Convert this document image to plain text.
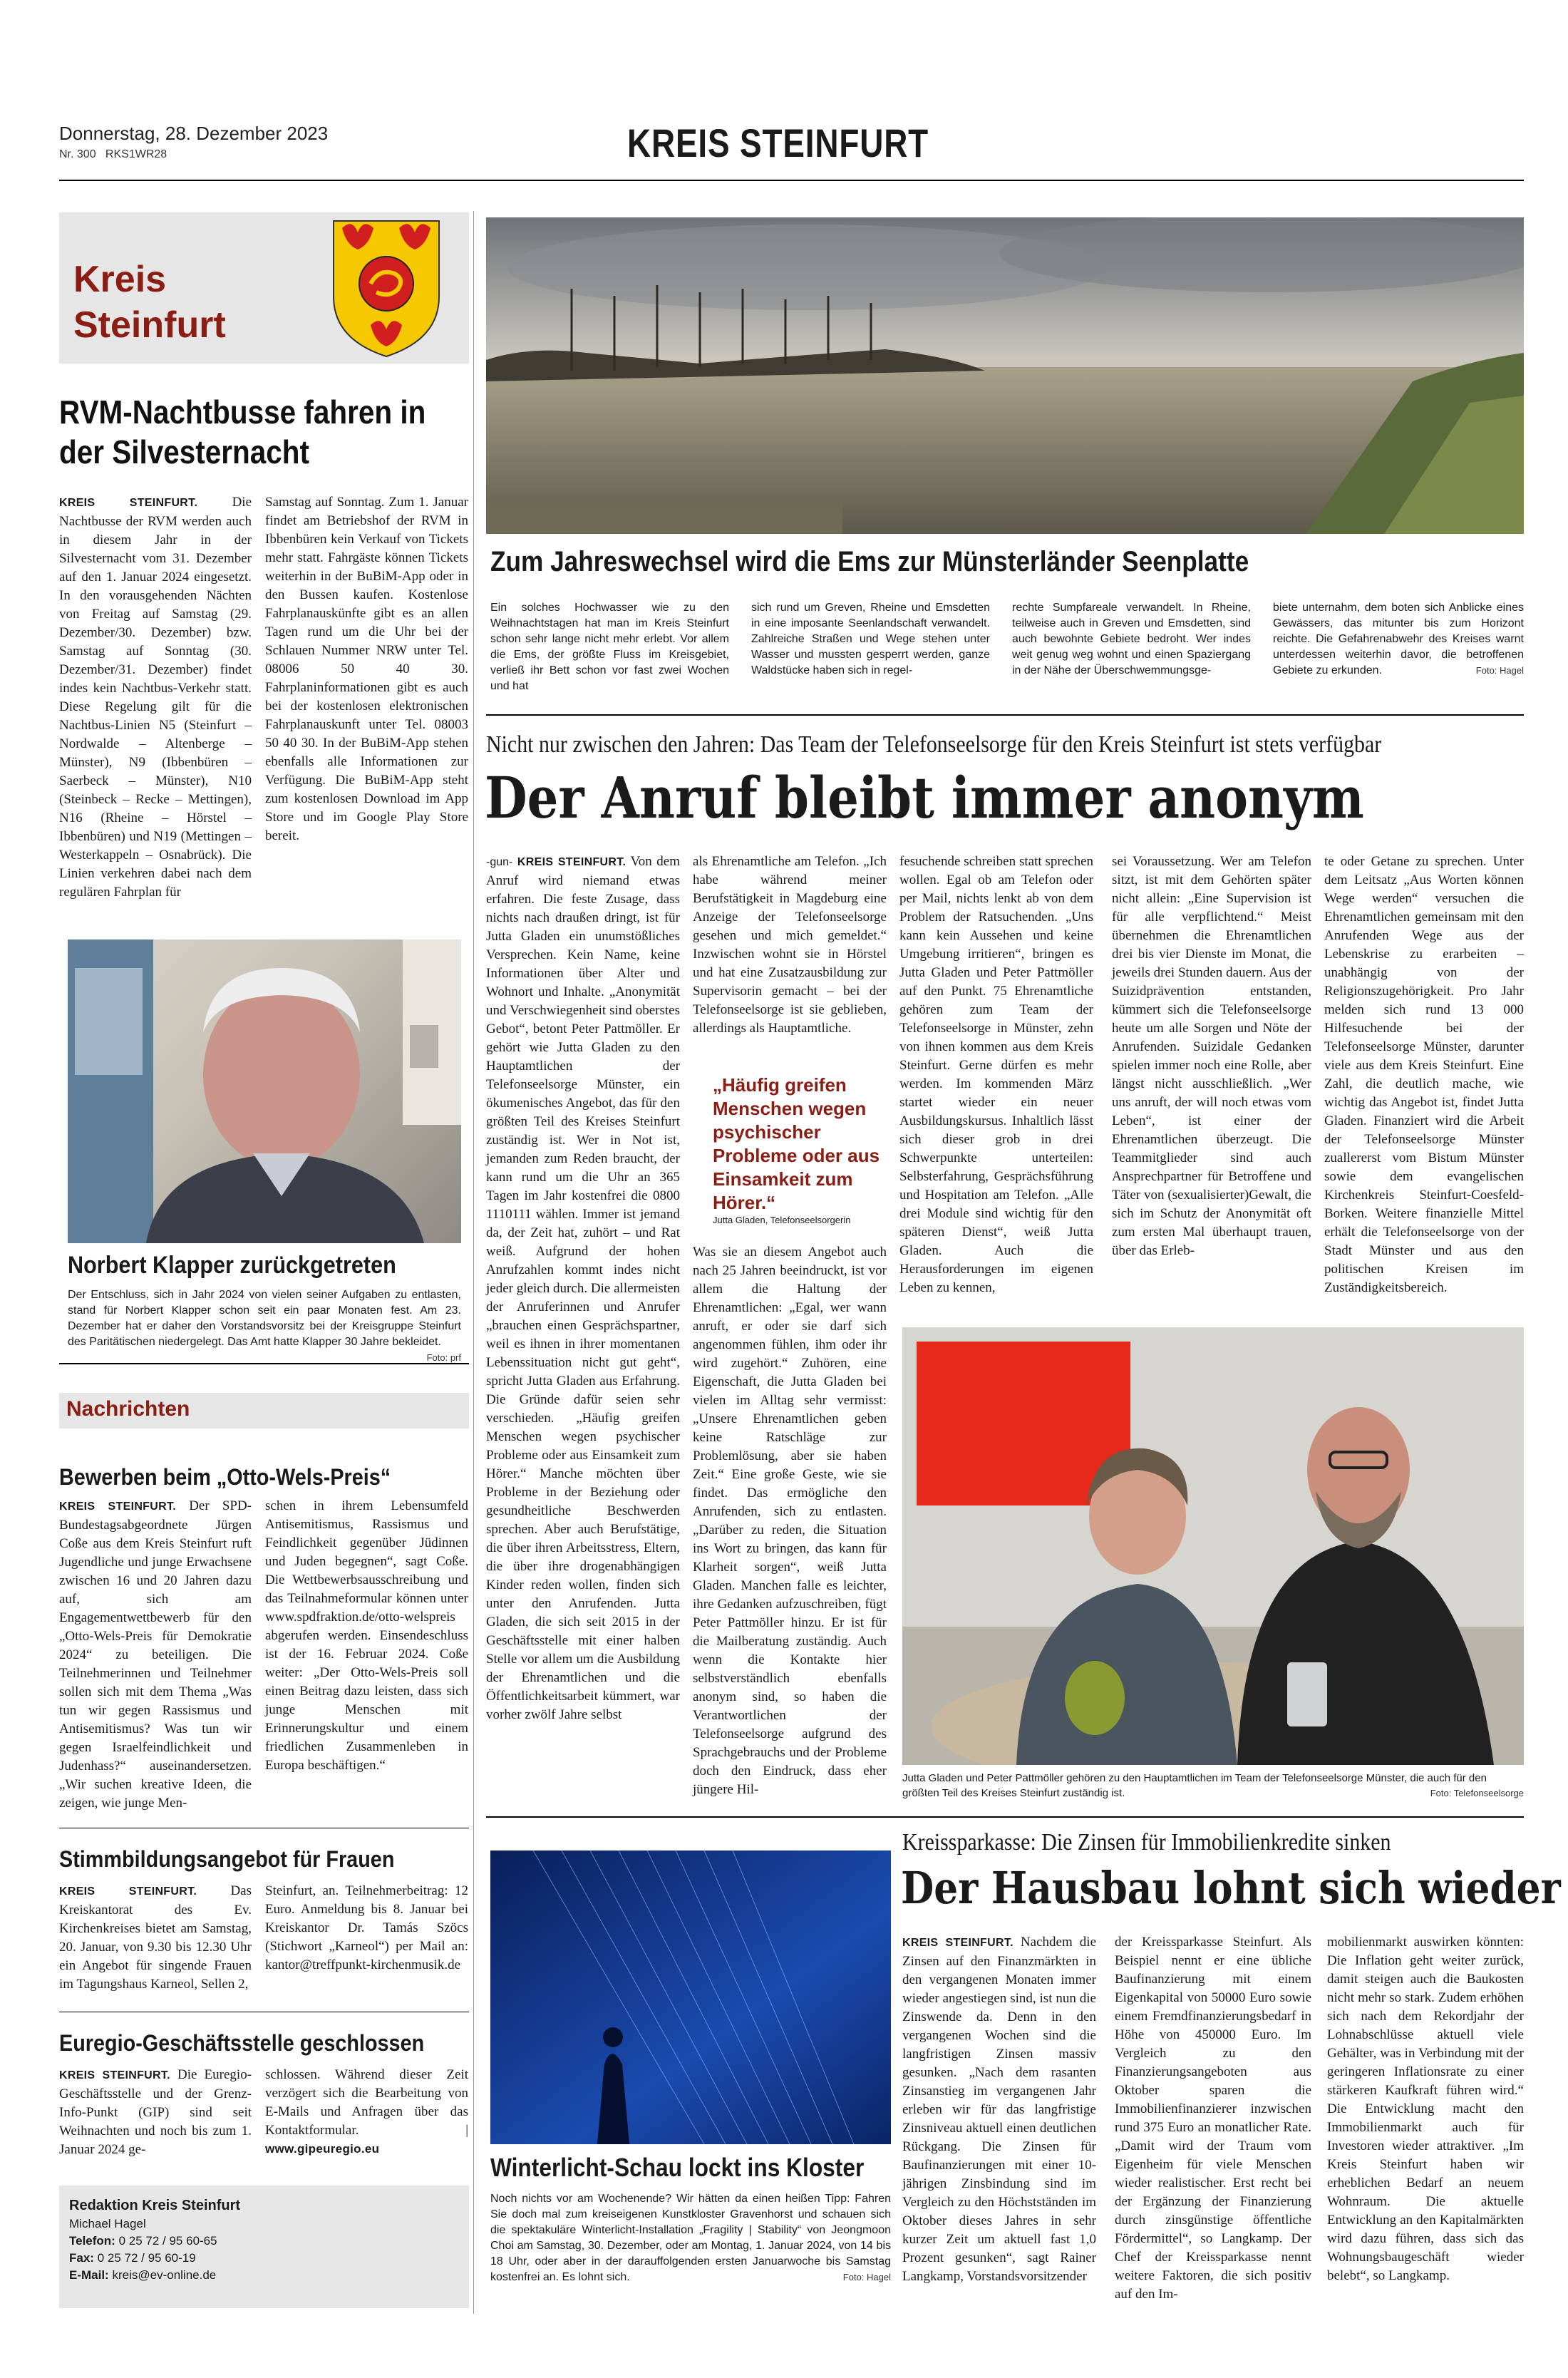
Donnerstag, 28. Dezember 2023
Nr. 300   RKS1WR28	KREIS STEINFURT
Kreis
Steinfurt
RVM-Nachtbusse fahren in der Silvesternacht
KREIS STEINFURT.	Die Nachtbusse der RVM werden auch in diesem Jahr in der Silvesternacht vom 31. Dezember auf den 1. Januar 2024 eingesetzt. In den vorausgehenden Nächten von Freitag auf Samstag (29. Dezember/30. Dezember) bzw. Samstag auf Sonntag (30. Dezember/31. Dezember) findet indes kein Nachtbus-Verkehr statt. Diese Regelung gilt für die Nachtbus-Linien N5 (Steinfurt – Nordwalde – Altenberge – Münster), N9 (Ibbenbüren – Saerbeck – Münster), N10 (Steinbeck – Recke – Mettingen), N16 (Rheine – Hörstel – Ibbenbüren) und N19 (Mettingen – Westerkappeln – Osnabrück). Die Linien verkehren dabei nach dem regulären Fahrplan für
Samstag auf Sonntag. Zum 1. Januar findet am Betriebshof der RVM in Ibbenbüren kein Verkauf von Tickets mehr statt. Fahrgäste können Tickets weiterhin in der BuBiM-App oder in den Bussen kaufen. Kostenlose Fahrplanauskünfte gibt es an allen Tagen rund um die Uhr bei der Schlauen Nummer NRW unter Tel. 08006 50 40 30. Fahrplaninformationen gibt es auch bei der kostenlosen elektronischen Fahrplanauskunft unter Tel. 08003 50 40 30. In der BuBiM-App stehen ebenfalls alle Informationen zur Verfügung. Die BuBiM-App steht zum kostenlosen Download im App Store und im Google Play Store bereit.
Norbert Klapper zurückgetreten
Der Entschluss, sich in Jahr 2024 von vielen seiner Aufgaben zu entlasten, stand für Norbert Klapper schon seit ein paar Monaten fest. Am 23. Dezember hat er daher den Vorstandsvorsitz bei der Kreisgruppe Steinfurt des Paritätischen niedergelegt. Das Amt hatte Klapper 30 Jahre bekleidet.
Foto: prf
Nachrichten
Bewerben beim „Otto-Wels-Preis“
KREIS STEINFURT. Der SPD-Bundestagsabgeordnete Jürgen Coße aus dem Kreis Steinfurt ruft Jugendliche und junge Erwachsene zwischen 16 und 20 Jahren dazu auf, sich am Engagementwettbewerb für den „Otto-Wels-Preis für Demokratie 2024“ zu beteiligen. Die Teilnehmerinnen und Teilnehmer sollen sich mit dem Thema „Was tun wir gegen Rassismus und Antisemitismus? Was tun wir gegen Israelfeindlichkeit und Judenhass?“ auseinandersetzen. „Wir suchen kreative Ideen, die zeigen, wie junge Men-
schen in ihrem Lebensumfeld Antisemitismus, Rassismus und Feindlichkeit gegenüber Jüdinnen und Juden begegnen“, sagt Coße. Die Wettbewerbsausschreibung und das Teilnahmeformular können unter www.spdfraktion.de/otto-welspreis abgerufen werden. Einsendeschluss ist der 16. Februar 2024. Coße weiter: „Der Otto-Wels-Preis soll einen Beitrag dazu leisten, dass sich junge Menschen mit Erinnerungskultur und einem friedlichen Zusammenleben in Europa beschäftigen.“
Stimmbildungsangebot für Frauen
KREIS STEINFURT. Das Kreiskantorat des Ev. Kirchenkreises bietet am Samstag, 20. Januar, von 9.30 bis 12.30 Uhr ein Angebot für singende Frauen im Tagungshaus Karneol, Sellen 2,
Steinfurt, an. Teilnehmerbeitrag: 12 Euro. Anmeldung bis 8. Januar bei Kreiskantor Dr. Tamás Szöcs (Stichwort „Karneol“) per Mail an: kantor@treffpunkt-kirchenmusik.de
Euregio-Geschäftsstelle geschlossen
KREIS STEINFURT. Die Euregio-Geschäftsstelle und der Grenz-Info-Punkt (GIP) sind seit Weihnachten und noch bis zum 1. Januar 2024 ge-
schlossen. Während dieser Zeit verzögert sich die Bearbeitung von E-Mails und Anfragen über das Kontaktformular.	| www.gipeuregio.eu
Redaktion Kreis Steinfurt
Michael Hagel
Telefon: 0 25 72 / 95 60-65
Fax: 0 25 72 / 95 60-19
E-Mail: kreis@ev-online.de
Zum Jahreswechsel wird die Ems zur Münsterländer Seenplatte
Ein solches Hochwasser wie zu den Weihnachtstagen hat man im Kreis Steinfurt schon sehr lange nicht mehr erlebt. Vor allem die Ems, der größte Fluss im Kreisgebiet, verließ ihr Bett schon vor fast zwei Wochen und hat
sich rund um Greven, Rheine und Emsdetten in eine imposante Seenlandschaft verwandelt. Zahlreiche Straßen und Wege stehen unter Wasser und mussten gesperrt werden, ganze Waldstücke haben sich in regel-
rechte Sumpfareale verwandelt. In Rheine, teilweise auch in Greven und Emsdetten, sind auch bewohnte Gebiete bedroht. Wer indes weit genug weg wohnt und einen Spaziergang in der Nähe der Überschwemmungsge-
biete unternahm, dem boten sich Anblicke eines Gewässers, das mitunter bis zum Horizont reichte. Die Gefahrenabwehr des Kreises warnt unterdessen weiterhin davor, die betroffenen Gebiete zu erkunden.	Foto: Hagel
Nicht nur zwischen den Jahren: Das Team der Telefonseelsorge für den Kreis Steinfurt ist stets verfügbar
Der Anruf bleibt immer anonym
-gun- KREIS STEINFURT. Von dem Anruf wird niemand etwas erfahren. Die feste Zusage, dass nichts nach draußen dringt, ist für Jutta Gladen ein unumstößliches Versprechen. Kein Name, keine Informationen über Alter und Wohnort und Inhalte. „Anonymität und Verschwiegenheit sind oberstes Gebot“, betont Peter Pattmöller. Er gehört wie Jutta Gladen zu den Hauptamtlichen der Telefonseelsorge Münster, ein ökumenisches Angebot, das für den größten Teil des Kreises Steinfurt zuständig ist. Wer in Not ist, jemanden zum Reden braucht, der kann rund um die Uhr an 365 Tagen im Jahr kostenfrei die 0800 1110111 wählen. Immer ist jemand da, der Zeit hat, zuhört – und Rat weiß. Aufgrund der hohen Anrufzahlen kommt indes nicht jeder gleich durch. Die allermeisten der Anruferinnen und Anrufer „brauchen einen Gesprächspartner, weil es ihnen in ihrer momentanen Lebenssituation nicht gut geht“, spricht Jutta Gladen aus Erfahrung. Die Gründe dafür seien sehr verschieden. „Häufig greifen Menschen wegen psychischer Probleme oder aus Einsamkeit zum Hörer.“ Manche möchten über Probleme in der Beziehung oder gesundheitliche Beschwerden sprechen. Aber auch Berufstätige, die über ihren Arbeitsstress, Eltern, die über ihre drogenabhängigen Kinder reden wollen, finden sich unter den Anrufenden. Jutta Gladen, die sich seit 2015 in der Geschäftsstelle mit einer halben Stelle vor allem um die Ausbildung der Ehrenamtlichen und die Öffentlichkeitsarbeit kümmert, war vorher zwölf Jahre selbst
als Ehrenamtliche am Telefon. „Ich habe während meiner Berufstätigkeit in Magdeburg eine Anzeige der Telefonseelsorge gesehen und mich gemeldet.“ Inzwischen wohnt sie in Hörstel und hat eine Zusatzausbildung zur Supervisorin gemacht – bei der Telefonseelsorge ist sie geblieben, allerdings als Hauptamtliche.
„Häufig greifen Menschen wegen psychischer Probleme oder aus Einsamkeit zum Hörer.“
Jutta Gladen, Telefonseelsorgerin
Was sie an diesem Angebot auch nach 25 Jahren beeindruckt, ist vor allem die Haltung der Ehrenamtlichen: „Egal, wer wann anruft, er oder sie darf sich angenommen fühlen, ihm oder ihr wird zugehört.“ Zuhören, eine Eigenschaft, die Jutta Gladen bei vielen im Alltag sehr vermisst: „Unsere Ehrenamtlichen geben keine Ratschläge zur Problemlösung, aber sie haben Zeit.“ Eine große Geste, wie sie findet. Das ermögliche den Anrufenden, sich zu entlasten. „Darüber zu reden, die Situation ins Wort zu bringen, das kann für Klarheit sorgen“, weiß Jutta Gladen. Manchen falle es leichter, ihre Gedanken aufzuschreiben, fügt Peter Pattmöller hinzu. Er ist für die Mailberatung zuständig. Auch wenn die Kontakte hier selbstverständlich ebenfalls anonym sind, so haben die Verantwortlichen der Telefonseelsorge aufgrund des Sprachgebrauchs und der Probleme doch den Eindruck, dass eher jüngere Hil-
fesuchende schreiben statt sprechen wollen. Egal ob am Telefon oder per Mail, nichts lenkt ab von dem Problem der Ratsuchenden. „Uns kann kein Aussehen und keine Umgebung irritieren“, bringen es Jutta Gladen und Peter Pattmöller auf den Punkt. 75 Ehrenamtliche gehören zum Team der Telefonseelsorge in Münster, zehn von ihnen kommen aus dem Kreis Steinfurt. Gerne dürfen es mehr werden. Im kommenden März startet wieder ein neuer Ausbildungskursus. Inhaltlich lässt sich dieser grob in drei Schwerpunkte unterteilen: Selbsterfahrung, Gesprächsführung und Hospitation am Telefon. „Alle drei Module sind wichtig für den späteren Dienst“, weiß Jutta Gladen. Auch die Herausforderungen im eigenen Leben zu kennen,
sei Voraussetzung. Wer am Telefon sitzt, ist mit dem Gehörten später nicht allein: „Eine Supervision ist für alle verpflichtend.“ Meist übernehmen die Ehrenamtlichen drei bis vier Dienste im Monat, die jeweils drei Stunden dauern. Aus der Suizidprävention entstanden, kümmert sich die Telefonseelsorge heute um alle Sorgen und Nöte der Anrufenden. Suizidale Gedanken spielen immer noch eine Rolle, aber längst nicht ausschließlich. „Wer uns anruft, der will noch etwas vom Leben“, ist einer der Ehrenamtlichen überzeugt. Die Teammitglieder sind auch Ansprechpartner für Betroffene und Täter von (sexualisierter)Gewalt, die sich im Schutz der Anonymität oft zum ersten Mal überhaupt trauen, über das Erleb-
te oder Getane zu sprechen. Unter dem Leitsatz „Aus Worten können Wege werden“ versuchen die Ehrenamtlichen gemeinsam mit den Anrufenden Wege aus der Lebenskrise zu erarbeiten – unabhängig von der Religionszugehörigkeit. Pro Jahr melden sich rund 13 000 Hilfesuchende bei der Telefonseelsorge Münster, darunter viele aus dem Kreis Steinfurt. Eine Zahl, die deutlich mache, wie wichtig das Angebot ist, findet Jutta Gladen. Finanziert wird die Arbeit der Telefonseelsorge Münster zuallererst vom Bistum Münster sowie dem evangelischen Kirchenkreis Steinfurt-Coesfeld-Borken. Weitere finanzielle Mittel erhält die Telefonseelsorge von der Stadt Münster und aus den politischen Kreisen im Zuständigkeitsbereich.
Jutta Gladen und Peter Pattmöller gehören zu den Hauptamtlichen im Team der Telefonseelsorge Münster, die auch für den größten Teil des Kreises Steinfurt zuständig ist.	Foto: Telefonseelsorge
Winterlicht-Schau lockt ins Kloster
Noch nichts vor am Wochenende? Wir hätten da einen heißen Tipp: Fahren Sie doch mal zum kreiseigenen Kunstkloster Gravenhorst und schauen sich die spektakuläre Winterlicht-Installation „Fragility | Stability“ von Jeongmoon Choi am Samstag, 30. Dezember, oder am Montag, 1. Januar 2024, von 14 bis 18 Uhr, oder aber in der darauffolgenden ersten Januarwoche bis Samstag kostenfrei an. Es lohnt sich.	Foto: Hagel
Kreissparkasse: Die Zinsen für Immobilienkredite sinken
Der Hausbau lohnt sich wieder
KREIS STEINFURT. Nachdem die Zinsen auf den Finanzmärkten in den vergangenen Monaten immer wieder angestiegen sind, ist nun die Zinswende da. Denn in den vergangenen Wochen sind die langfristigen Zinsen massiv gesunken. „Nach dem rasanten Zinsanstieg im vergangenen Jahr erleben wir für das langfristige Zinsniveau aktuell einen deutlichen Rückgang. Die Zinsen für Baufinanzierungen mit einer 10-jährigen Zinsbindung sind im Vergleich zu den Höchstständen im Oktober dieses Jahres in sehr kurzer Zeit um aktuell fast 1,0 Prozent gesunken“, sagt Rainer Langkamp, Vorstandsvorsitzender
der Kreissparkasse Steinfurt. Als Beispiel nennt er eine übliche Baufinanzierung mit einem Eigenkapital von 50000 Euro sowie einem Fremdfinanzierungsbedarf in Höhe von 450000 Euro. Im Vergleich zu den Finanzierungsangeboten aus Oktober sparen die Immobilienfinanzierer inzwischen rund 375 Euro an monatlicher Rate. „Damit wird der Traum vom Eigenheim für viele Menschen wieder realistischer. Erst recht bei der Ergänzung der Finanzierung durch zinsgünstige öffentliche Fördermittel“, so Langkamp. Der Chef der Kreissparkasse nennt weitere Faktoren, die sich positiv auf den Im-
mobilienmarkt auswirken könnten: Die Inflation geht weiter zurück, damit steigen auch die Baukosten nicht mehr so stark. Zudem erhöhen sich nach dem Rekordjahr der Lohnabschlüsse aktuell viele Gehälter, was in Verbindung mit der geringeren Inflationsrate zu einer stärkeren Kaufkraft führen wird.“ Die Entwicklung macht den Immobilienmarkt auch für Investoren wieder attraktiver. „Im Kreis Steinfurt haben wir erheblichen Bedarf an neuem Wohnraum. Die aktuelle Entwicklung an den Kapitalmärkten wird dazu führen, dass sich das Wohnungsbaugeschäft wieder belebt“, so Langkamp.
